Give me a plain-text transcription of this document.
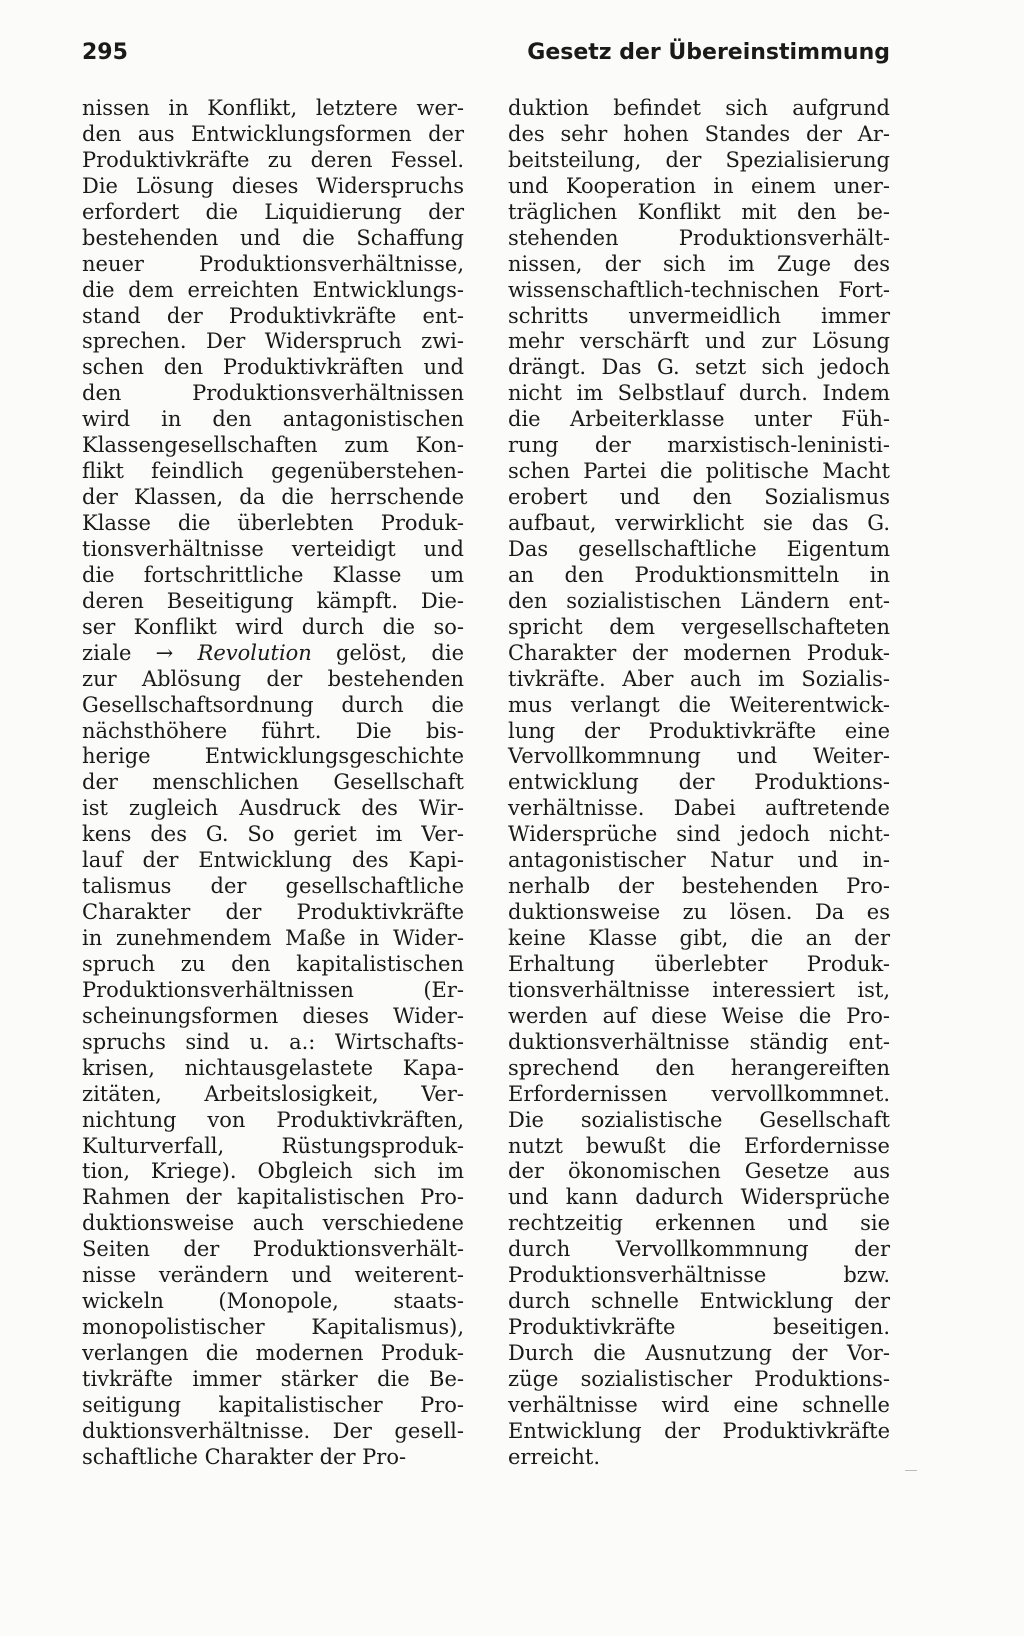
295	Gesetz der Übereinstimmung
nissen in Konflikt, letztere wer-
den aus Entwicklungsformen der
Produktivkräfte zu deren Fessel.
Die Lösung dieses Widerspruchs
erfordert die Liquidierung der
bestehenden und die Schaffung
neuer Produktionsverhältnisse,
die dem erreichten Entwicklungs-
stand der Produktivkräfte ent-
sprechen. Der Widerspruch zwi-
schen den Produktivkräften und
den Produktionsverhältnissen
wird in den antagonistischen
Klassengesellschaften zum Kon-
flikt feindlich gegenüberstehen-
der Klassen, da die herrschende
Klasse die überlebten Produk-
tionsverhältnisse verteidigt und
die fortschrittliche Klasse um
deren Beseitigung kämpft. Die-
ser Konflikt wird durch die so-
ziale → Revolution gelöst, die
zur Ablösung der bestehenden
Gesellschaftsordnung durch die
nächsthöhere führt. Die bis-
herige Entwicklungsgeschichte
der menschlichen Gesellschaft
ist zugleich Ausdruck des Wir-
kens des G. So geriet im Ver-
lauf der Entwicklung des Kapi-
talismus der gesellschaftliche
Charakter der Produktivkräfte
in zunehmendem Maße in Wider-
spruch zu den kapitalistischen
Produktionsverhältnissen (Er-
scheinungsformen dieses Wider-
spruchs sind u. a.: Wirtschafts-
krisen, nichtausgelastete Kapa-
zitäten, Arbeitslosigkeit, Ver-
nichtung von Produktivkräften,
Kulturverfall, Rüstungsproduk-
tion, Kriege). Obgleich sich im
Rahmen der kapitalistischen Pro-
duktionsweise auch verschiedene
Seiten der Produktionsverhält-
nisse verändern und weiterent-
wickeln (Monopole, staats-
monopolistischer Kapitalismus),
verlangen die modernen Produk-
tivkräfte immer stärker die Be-
seitigung kapitalistischer Pro-
duktionsverhältnisse. Der gesell-
schaftliche Charakter der Pro-
duktion befindet sich aufgrund
des sehr hohen Standes der Ar-
beitsteilung, der Spezialisierung
und Kooperation in einem uner-
träglichen Konflikt mit den be-
stehenden Produktionsverhält-
nissen, der sich im Zuge des
wissenschaftlich-technischen Fort-
schritts unvermeidlich immer
mehr verschärft und zur Lösung
drängt. Das G. setzt sich jedoch
nicht im Selbstlauf durch. Indem
die Arbeiterklasse unter Füh-
rung der marxistisch-leninisti-
schen Partei die politische Macht
erobert und den Sozialismus
aufbaut, verwirklicht sie das G.
Das gesellschaftliche Eigentum
an den Produktionsmitteln in
den sozialistischen Ländern ent-
spricht dem vergesellschafteten
Charakter der modernen Produk-
tivkräfte. Aber auch im Sozialis-
mus verlangt die Weiterentwick-
lung der Produktivkräfte eine
Vervollkommnung und Weiter-
entwicklung der Produktions-
verhältnisse. Dabei auftretende
Widersprüche sind jedoch nicht-
antagonistischer Natur und in-
nerhalb der bestehenden Pro-
duktionsweise zu lösen. Da es
keine Klasse gibt, die an der
Erhaltung überlebter Produk-
tionsverhältnisse interessiert ist,
werden auf diese Weise die Pro-
duktionsverhältnisse ständig ent-
sprechend den herangereiften
Erfordernissen vervollkommnet.
Die sozialistische Gesellschaft
nutzt bewußt die Erfordernisse
der ökonomischen Gesetze aus
und kann dadurch Widersprüche
rechtzeitig erkennen und sie
durch Vervollkommnung der
Produktionsverhältnisse bzw.
durch schnelle Entwicklung der
Produktivkräfte beseitigen.
Durch die Ausnutzung der Vor-
züge sozialistischer Produktions-
verhältnisse wird eine schnelle
Entwicklung der Produktivkräfte
erreicht.
